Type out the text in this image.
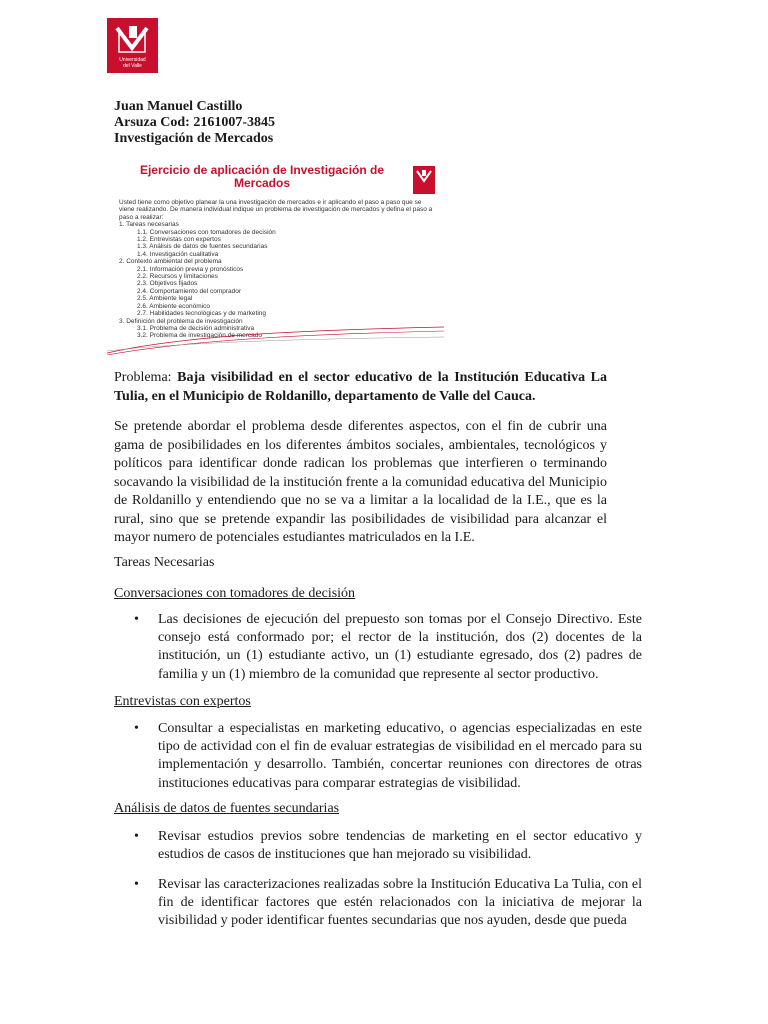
Universidad
del Valle
Juan Manuel Castillo
Arsuza Cod: 2161007-3845
Investigación de Mercados
Ejercicio de aplicación de Investigación de
Mercados
Usted tiene como objetivo planear la una investigación de mercados e ir aplicando el paso a paso que se viene realizando. De manera individual indique un problema de investigación de mercados y defina el paso a paso a realizar:
1. Tareas necesarias
1.1. Conversaciones con tomadores de decisión
1.2. Entrevistas con expertos
1.3. Análisis de datos de fuentes secundarias
1.4. Investigación cualitativa
2. Contexto ambiental del problema
2.1. Información previa y pronósticos
2.2. Recursos y limitaciones
2.3. Objetivos fijados
2.4. Comportamiento del comprador
2.5. Ambiente legal
2.6. Ambiente económico
2.7. Habilidades tecnológicas y de marketing
3. Definición del problema de investigación
3.1. Problema de decisión administrativa
3.2. Problema de investigación de mercado
Problema: Baja visibilidad en el sector educativo de la Institución Educativa La Tulia, en el Municipio de Roldanillo, departamento de Valle del Cauca.
Se pretende abordar el problema desde diferentes aspectos, con el fin de cubrir una gama de posibilidades en los diferentes ámbitos sociales, ambientales, tecnológicos y políticos para identificar donde radican los problemas que interfieren o terminando socavando la visibilidad de la institución frente a la comunidad educativa del Municipio de Roldanillo y entendiendo que no se va a limitar a la localidad de la I.E., que es la rural, sino que se pretende expandir las posibilidades de visibilidad para alcanzar el mayor numero de potenciales estudiantes matriculados en la I.E.
Tareas Necesarias
Conversaciones con tomadores de decisión
• Las decisiones de ejecución del prepuesto son tomas por el Consejo Directivo. Este consejo está conformado por; el rector de la institución, dos (2) docentes de la institución, un (1) estudiante activo, un (1) estudiante egresado, dos (2) padres de familia y un (1) miembro de la comunidad que represente al sector productivo.
Entrevistas con expertos
• Consultar a especialistas en marketing educativo, o agencias especializadas en este tipo de actividad con el fin de evaluar estrategias de visibilidad en el mercado para su implementación y desarrollo. También, concertar reuniones con directores de otras instituciones educativas para comparar estrategias de visibilidad.
Análisis de datos de fuentes secundarias
• Revisar estudios previos sobre tendencias de marketing en el sector educativo y estudios de casos de instituciones que han mejorado su visibilidad.
• Revisar las caracterizaciones realizadas sobre la Institución Educativa La Tulia, con el fin de identificar factores que estén relacionados con la iniciativa de mejorar la visibilidad y poder identificar fuentes secundarias que nos ayuden, desde que pueda
